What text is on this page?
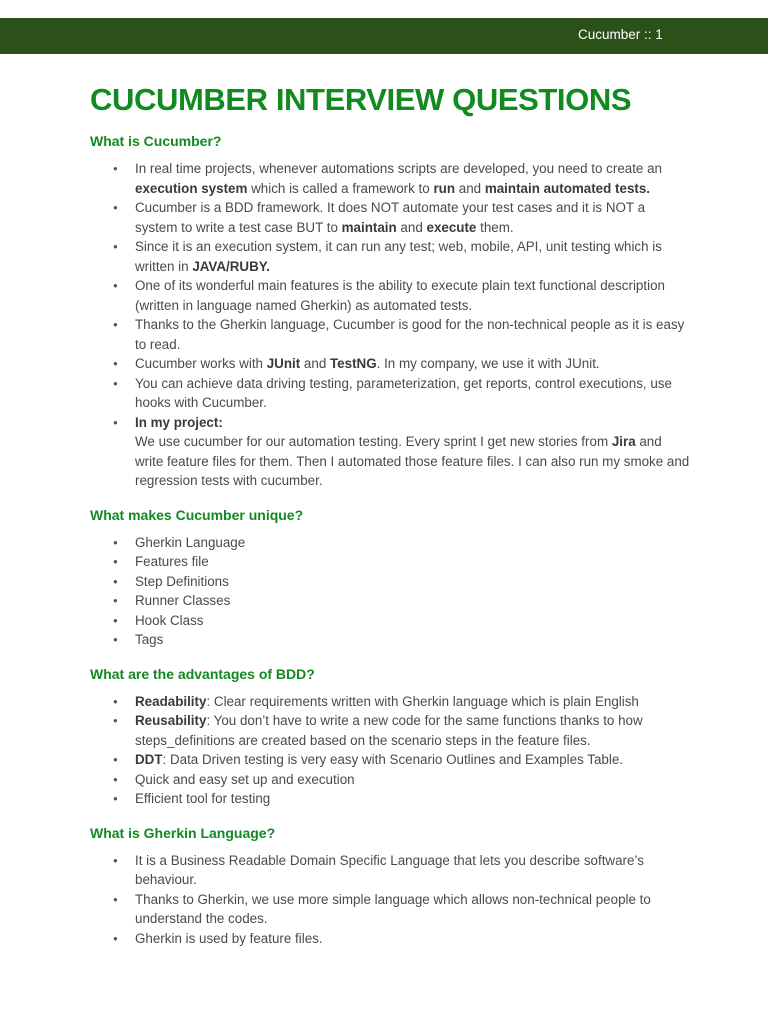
Cucumber :: 1
CUCUMBER INTERVIEW QUESTIONS
What is Cucumber?
● In real time projects, whenever automations scripts are developed, you need to create an execution system which is called a framework to run and maintain automated tests.
● Cucumber is a BDD framework. It does NOT automate your test cases and it is NOT a system to write a test case BUT to maintain and execute them.
● Since it is an execution system, it can run any test; web, mobile, API, unit testing which is written in JAVA/RUBY.
● One of its wonderful main features is the ability to execute plain text functional description (written in language named Gherkin) as automated tests.
● Thanks to the Gherkin language, Cucumber is good for the non-technical people as it is easy to read.
● Cucumber works with JUnit and TestNG. In my company, we use it with JUnit.
● You can achieve data driving testing, parameterization, get reports, control executions, use hooks with Cucumber.
● In my project:
We use cucumber for our automation testing. Every sprint I get new stories from Jira and write feature files for them. Then I automated those feature files. I can also run my smoke and regression tests with cucumber.
What makes Cucumber unique?
● Gherkin Language
● Features file
● Step Definitions
● Runner Classes
● Hook Class
● Tags
What are the advantages of BDD?
● Readability: Clear requirements written with Gherkin language which is plain English
● Reusability: You don’t have to write a new code for the same functions thanks to how steps_definitions are created based on the scenario steps in the feature files.
● DDT: Data Driven testing is very easy with Scenario Outlines and Examples Table.
● Quick and easy set up and execution
● Efficient tool for testing
What is Gherkin Language?
● It is a Business Readable Domain Specific Language that lets you describe software’s behaviour.
● Thanks to Gherkin, we use more simple language which allows non-technical people to understand the codes.
● Gherkin is used by feature files.
